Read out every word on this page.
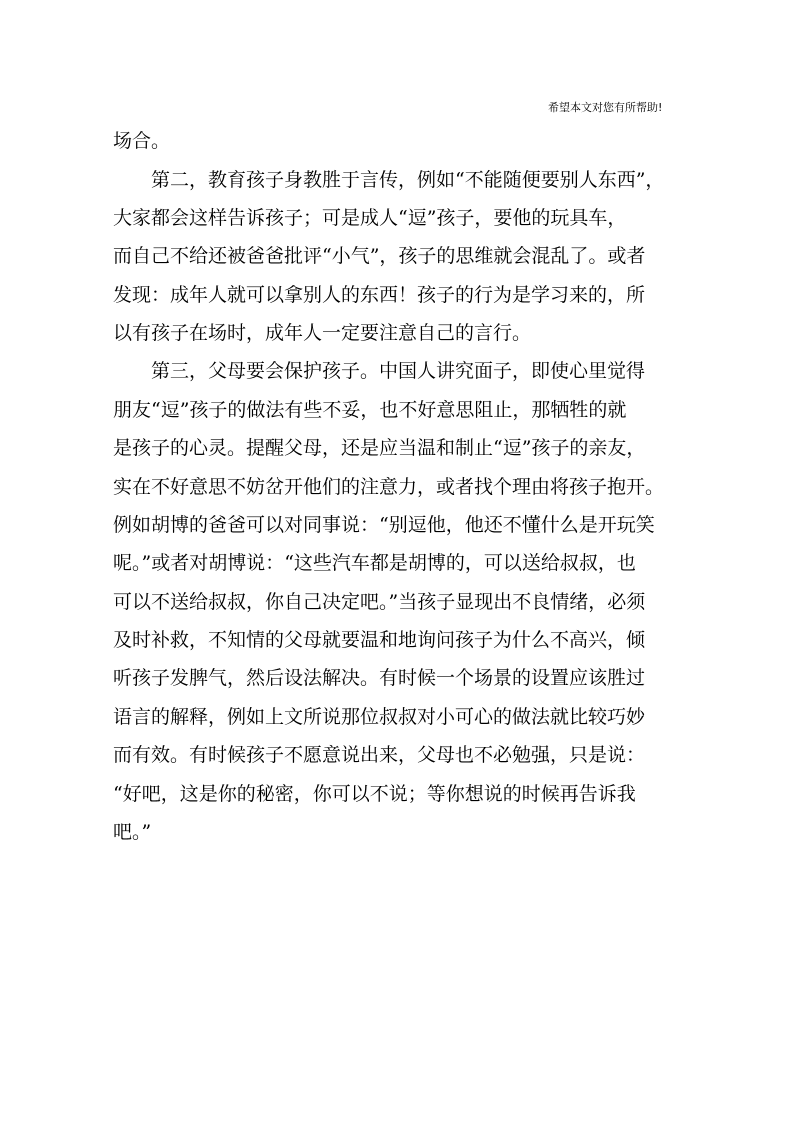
希望本文对您有所帮助!
场合。
　　第二，教育孩子身教胜于言传，例如“不能随便要别人东西”，
大家都会这样告诉孩子；可是成人“逗”孩子，要他的玩具车，
而自己不给还被爸爸批评“小气”，孩子的思维就会混乱了。或者
发现：成年人就可以拿别人的东西！孩子的行为是学习来的，所
以有孩子在场时，成年人一定要注意自己的言行。
　　第三，父母要会保护孩子。中国人讲究面子，即使心里觉得
朋友“逗”孩子的做法有些不妥，也不好意思阻止，那牺牲的就
是孩子的心灵。提醒父母，还是应当温和制止“逗”孩子的亲友，
实在不好意思不妨岔开他们的注意力，或者找个理由将孩子抱开。
例如胡博的爸爸可以对同事说：“别逗他，他还不懂什么是开玩笑
呢。”或者对胡博说：“这些汽车都是胡博的，可以送给叔叔，也
可以不送给叔叔，你自己决定吧。”当孩子显现出不良情绪，必须
及时补救，不知情的父母就要温和地询问孩子为什么不高兴，倾
听孩子发脾气，然后设法解决。有时候一个场景的设置应该胜过
语言的解释，例如上文所说那位叔叔对小可心的做法就比较巧妙
而有效。有时候孩子不愿意说出来，父母也不必勉强，只是说：
“好吧，这是你的秘密，你可以不说；等你想说的时候再告诉我
吧。”
